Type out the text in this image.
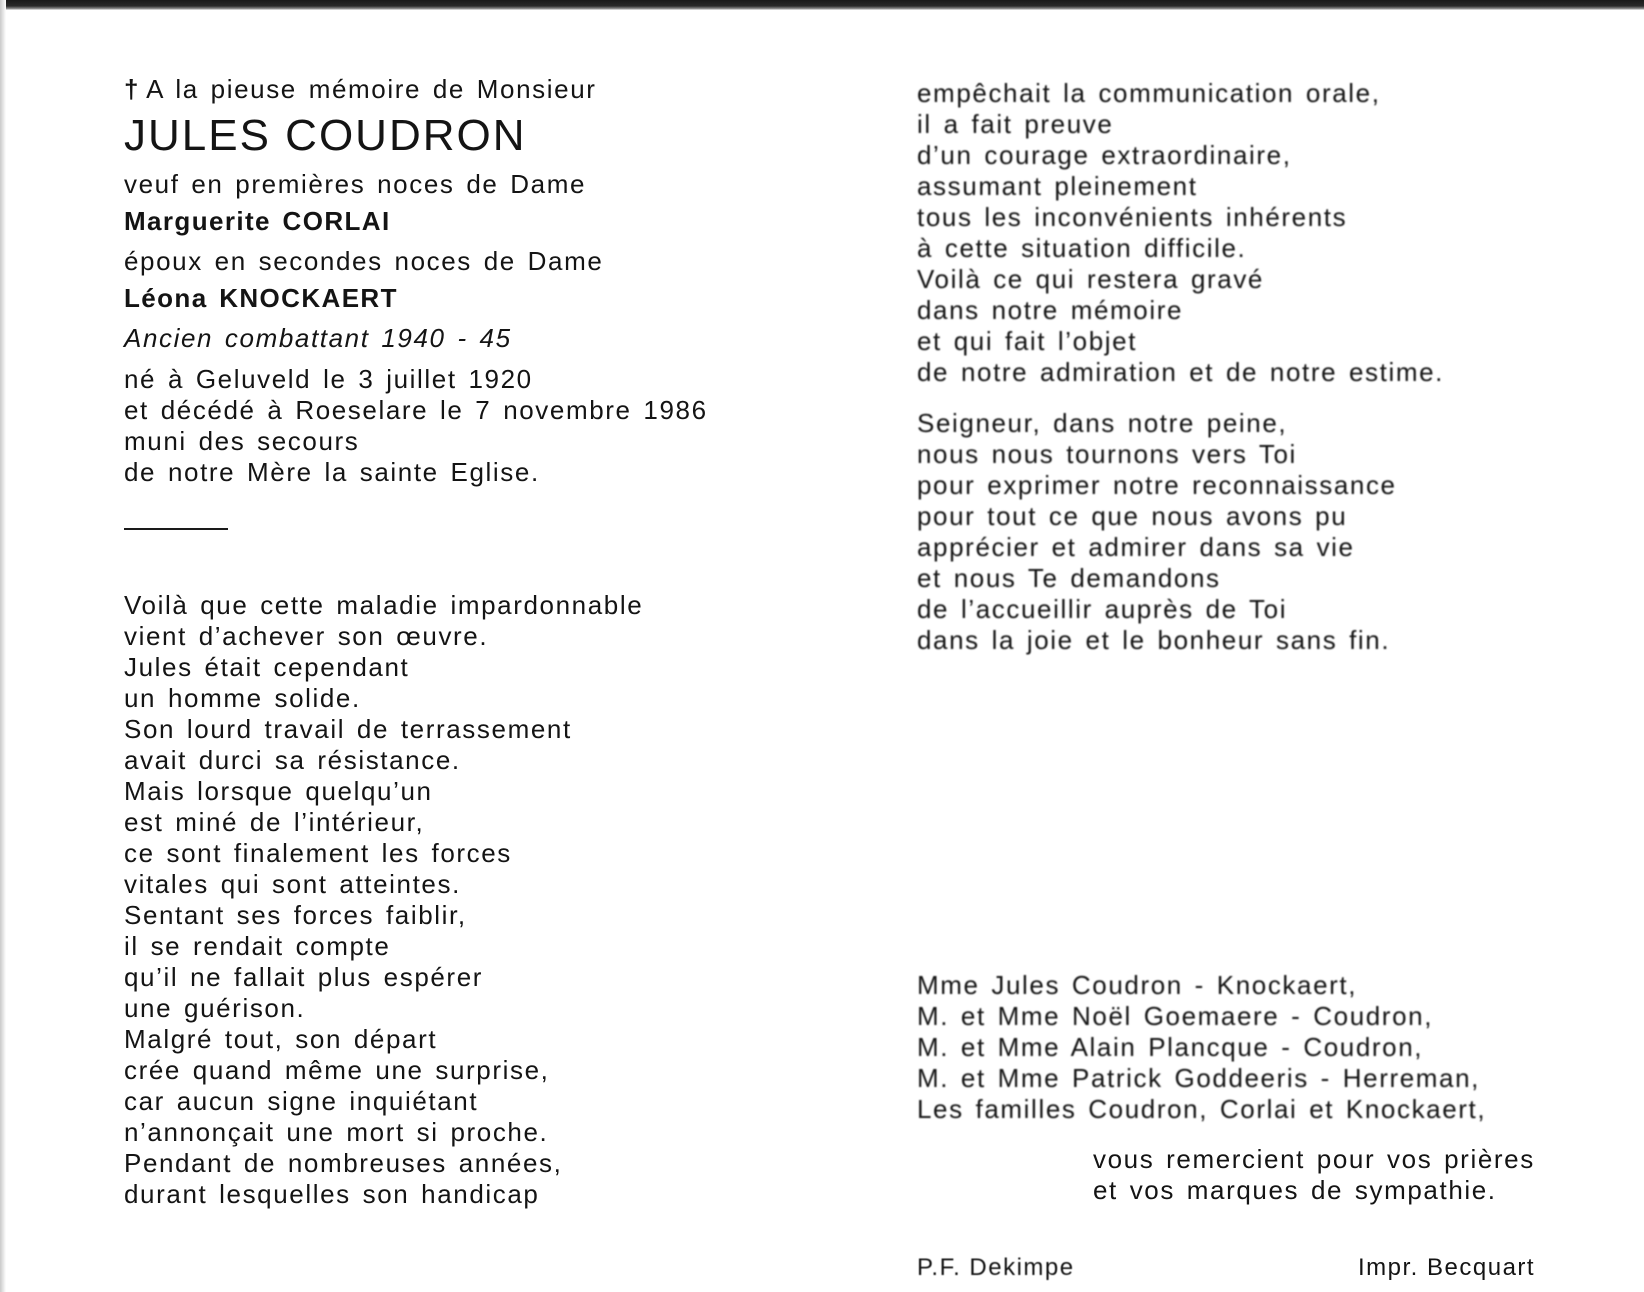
† A la pieuse mémoire de Monsieur
JULES COUDRON
veuf en premières noces de Dame
Marguerite CORLAI
époux en secondes noces de Dame
Léona KNOCKAERT
Ancien combattant 1940 - 45
né à Geluveld le 3 juillet 1920
et décédé à Roeselare le 7 novembre 1986
muni des secours
de notre Mère la sainte Eglise.
Voilà que cette maladie impardonnable
vient d’achever son œuvre.
Jules était cependant
un homme solide.
Son lourd travail de terrassement
avait durci sa résistance.
Mais lorsque quelqu’un
est miné de l’intérieur,
ce sont finalement les forces
vitales qui sont atteintes.
Sentant ses forces faiblir,
il se rendait compte
qu’il ne fallait plus espérer
une guérison.
Malgré tout, son départ
crée quand même une surprise,
car aucun signe inquiétant
n’annonçait une mort si proche.
Pendant de nombreuses années,
durant lesquelles son handicap
empêchait la communication orale,
il a fait preuve
d’un courage extraordinaire,
assumant pleinement
tous les inconvénients inhérents
à cette situation difficile.
Voilà ce qui restera gravé
dans notre mémoire
et qui fait l’objet
de notre admiration et de notre estime.
Seigneur, dans notre peine,
nous nous tournons vers Toi
pour exprimer notre reconnaissance
pour tout ce que nous avons pu
apprécier et admirer dans sa vie
et nous Te demandons
de l’accueillir auprès de Toi
dans la joie et le bonheur sans fin.
Mme Jules Coudron - Knockaert,
M. et Mme Noël Goemaere - Coudron,
M. et Mme Alain Plancque - Coudron,
M. et Mme Patrick Goddeeris - Herreman,
Les familles Coudron, Corlai et Knockaert,
vous remercient pour vos prières
et vos marques de sympathie.
P.F. Dekimpe	Impr. Becquart
